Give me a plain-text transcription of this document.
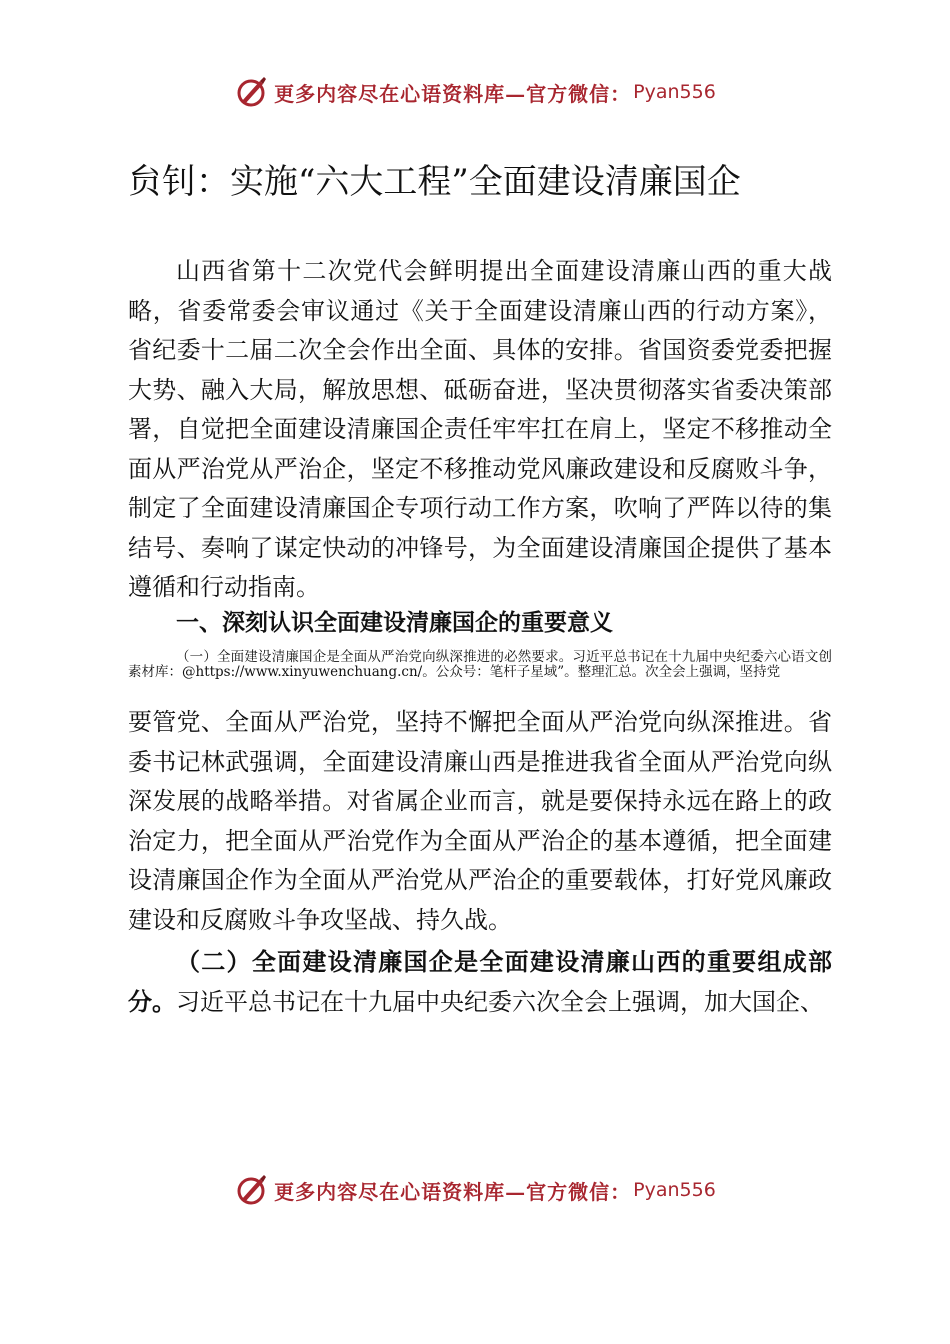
更多内容尽在心语资料库—官方微信： Pyan556
贠钊：实施“六大工程”全面建设清廉国企

山西省第十二次党代会鲜明提出全面建设清廉山西的重大战略，省委常委会审议通过《关于全面建设清廉山西的行动方案》，省纪委十二届二次全会作出全面、具体的安排。省国资委党委把握大势、融入大局，解放思想、砥砺奋进，坚决贯彻落实省委决策部署，自觉把全面建设清廉国企责任牢牢扛在肩上，坚定不移推动全面从严治党从严治企，坚定不移推动党风廉政建设和反腐败斗争，制定了全面建设清廉国企专项行动工作方案，吹响了严阵以待的集结号、奏响了谋定快动的冲锋号，为全面建设清廉国企提供了基本遵循和行动指南。

一、深刻认识全面建设清廉国企的重要意义
（一）全面建设清廉国企是全面从严治党向纵深推进的必然要求。习近平总书记在十九届中央纪委六心语文创素材库：@https://www.xinyuwenchuang.cn/。公众号：笔杆子星域”。整理汇总。次全会上强调，坚持党

要管党、全面从严治党，坚持不懈把全面从严治党向纵深推进。省委书记林武强调，全面建设清廉山西是推进我省全面从严治党向纵深发展的战略举措。对省属企业而言，就是要保持永远在路上的政治定力，把全面从严治党作为全面从严治企的基本遵循，把全面建设清廉国企作为全面从严治党从严治企的重要载体，打好党风廉政建设和反腐败斗争攻坚战、持久战。

（二）全面建设清廉国企是全面建设清廉山西的重要组成部分。习近平总书记在十九届中央纪委六次全会上强调，加大国企、

更多内容尽在心语资料库—官方微信： Pyan556
